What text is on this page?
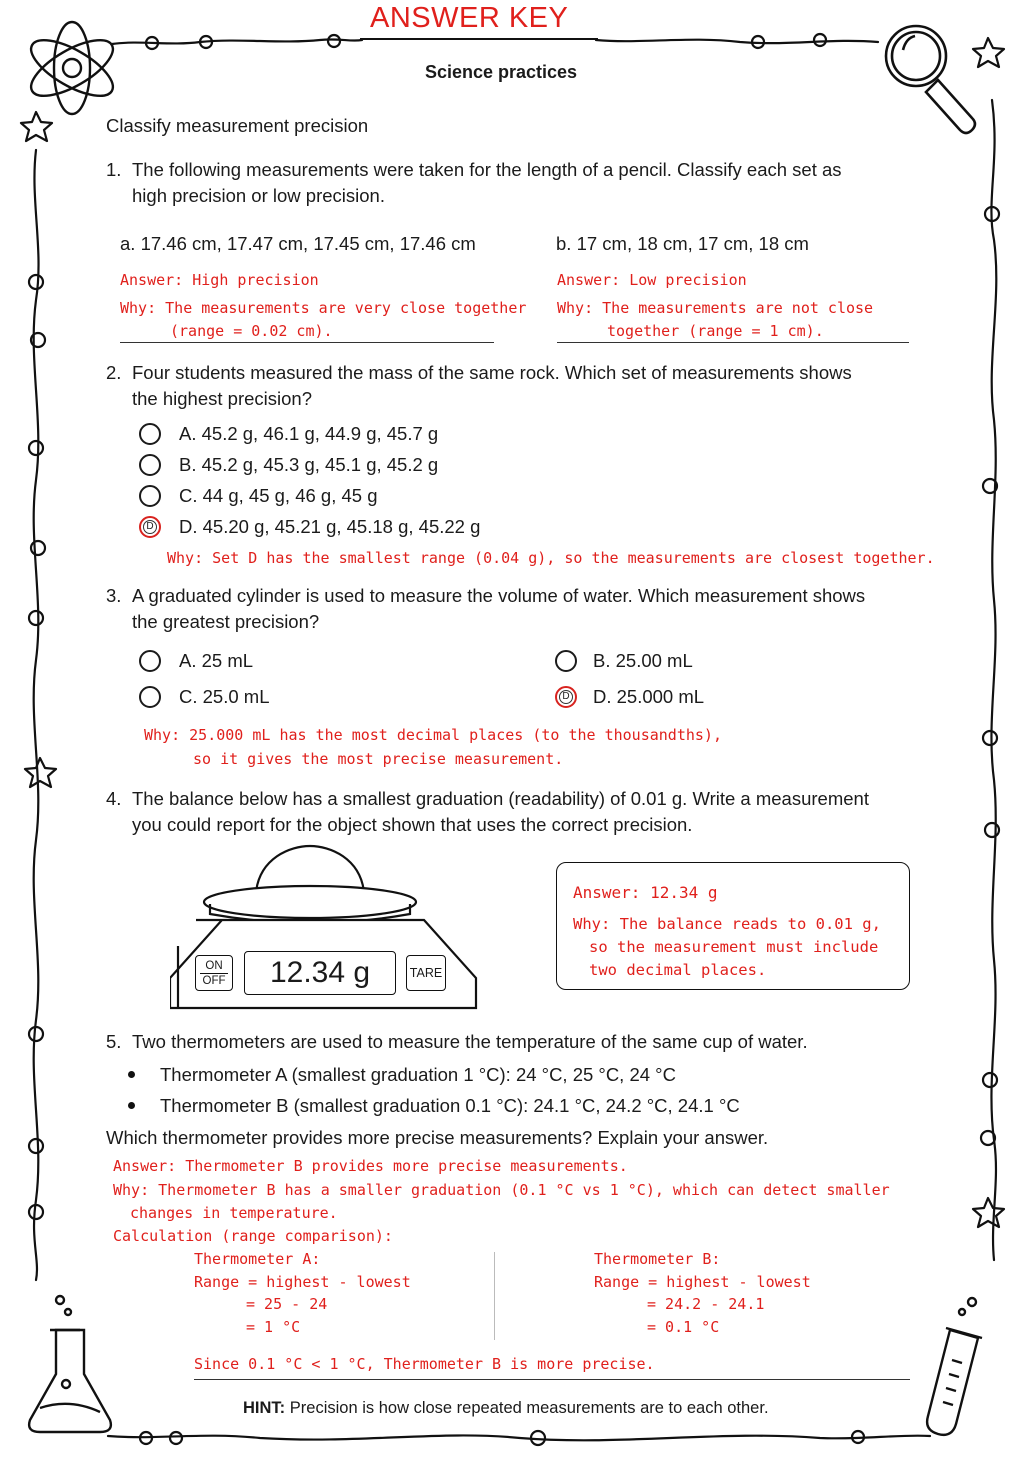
ANSWER KEY
Science practices
Classify measurement precision
1. The following measurements were taken for the length of a pencil. Classify each set as
high precision or low precision.
a. 17.46 cm, 17.47 cm, 17.45 cm, 17.46 cm	b. 17 cm, 18 cm, 17 cm, 18 cm
Answer: High precision
Why: The measurements are very close together
(range = 0.02 cm).
Answer: Low precision
Why: The measurements are not close
together (range = 1 cm).
2. Four students measured the mass of the same rock. Which set of measurements shows
the highest precision?
A. 45.2 g, 46.1 g, 44.9 g, 45.7 g
B. 45.2 g, 45.3 g, 45.1 g, 45.2 g
C. 44 g, 45 g, 46 g, 45 g
D D. 45.20 g, 45.21 g, 45.18 g, 45.22 g
Why: Set D has the smallest range (0.04 g), so the measurements are closest together.
3. A graduated cylinder is used to measure the volume of water. Which measurement shows
the greatest precision?
A. 25 mL	B. 25.00 mL
C. 25.0 mL	D D. 25.000 mL
Why: 25.000 mL has the most decimal places (to the thousandths),
so it gives the most precise measurement.
4. The balance below has a smallest graduation (readability) of 0.01 g. Write a measurement
you could report for the object shown that uses the correct precision.
ON
OFF	12.34 g	TARE
Answer: 12.34 g
Why: The balance reads to 0.01 g,
so the measurement must include
two decimal places.
5. Two thermometers are used to measure the temperature of the same cup of water.
Thermometer A (smallest graduation 1 °C): 24 °C, 25 °C, 24 °C
Thermometer B (smallest graduation 0.1 °C): 24.1 °C, 24.2 °C, 24.1 °C
Which thermometer provides more precise measurements? Explain your answer.
Answer: Thermometer B provides more precise measurements.
Why: Thermometer B has a smaller graduation (0.1 °C vs 1 °C), which can detect smaller
changes in temperature.
Calculation (range comparison):
Thermometer A:
Range = highest - lowest
= 25 - 24
= 1 °C
Thermometer B:
Range = highest - lowest
= 24.2 - 24.1
= 0.1 °C
Since 0.1 °C < 1 °C, Thermometer B is more precise.
HINT: Precision is how close repeated measurements are to each other.
